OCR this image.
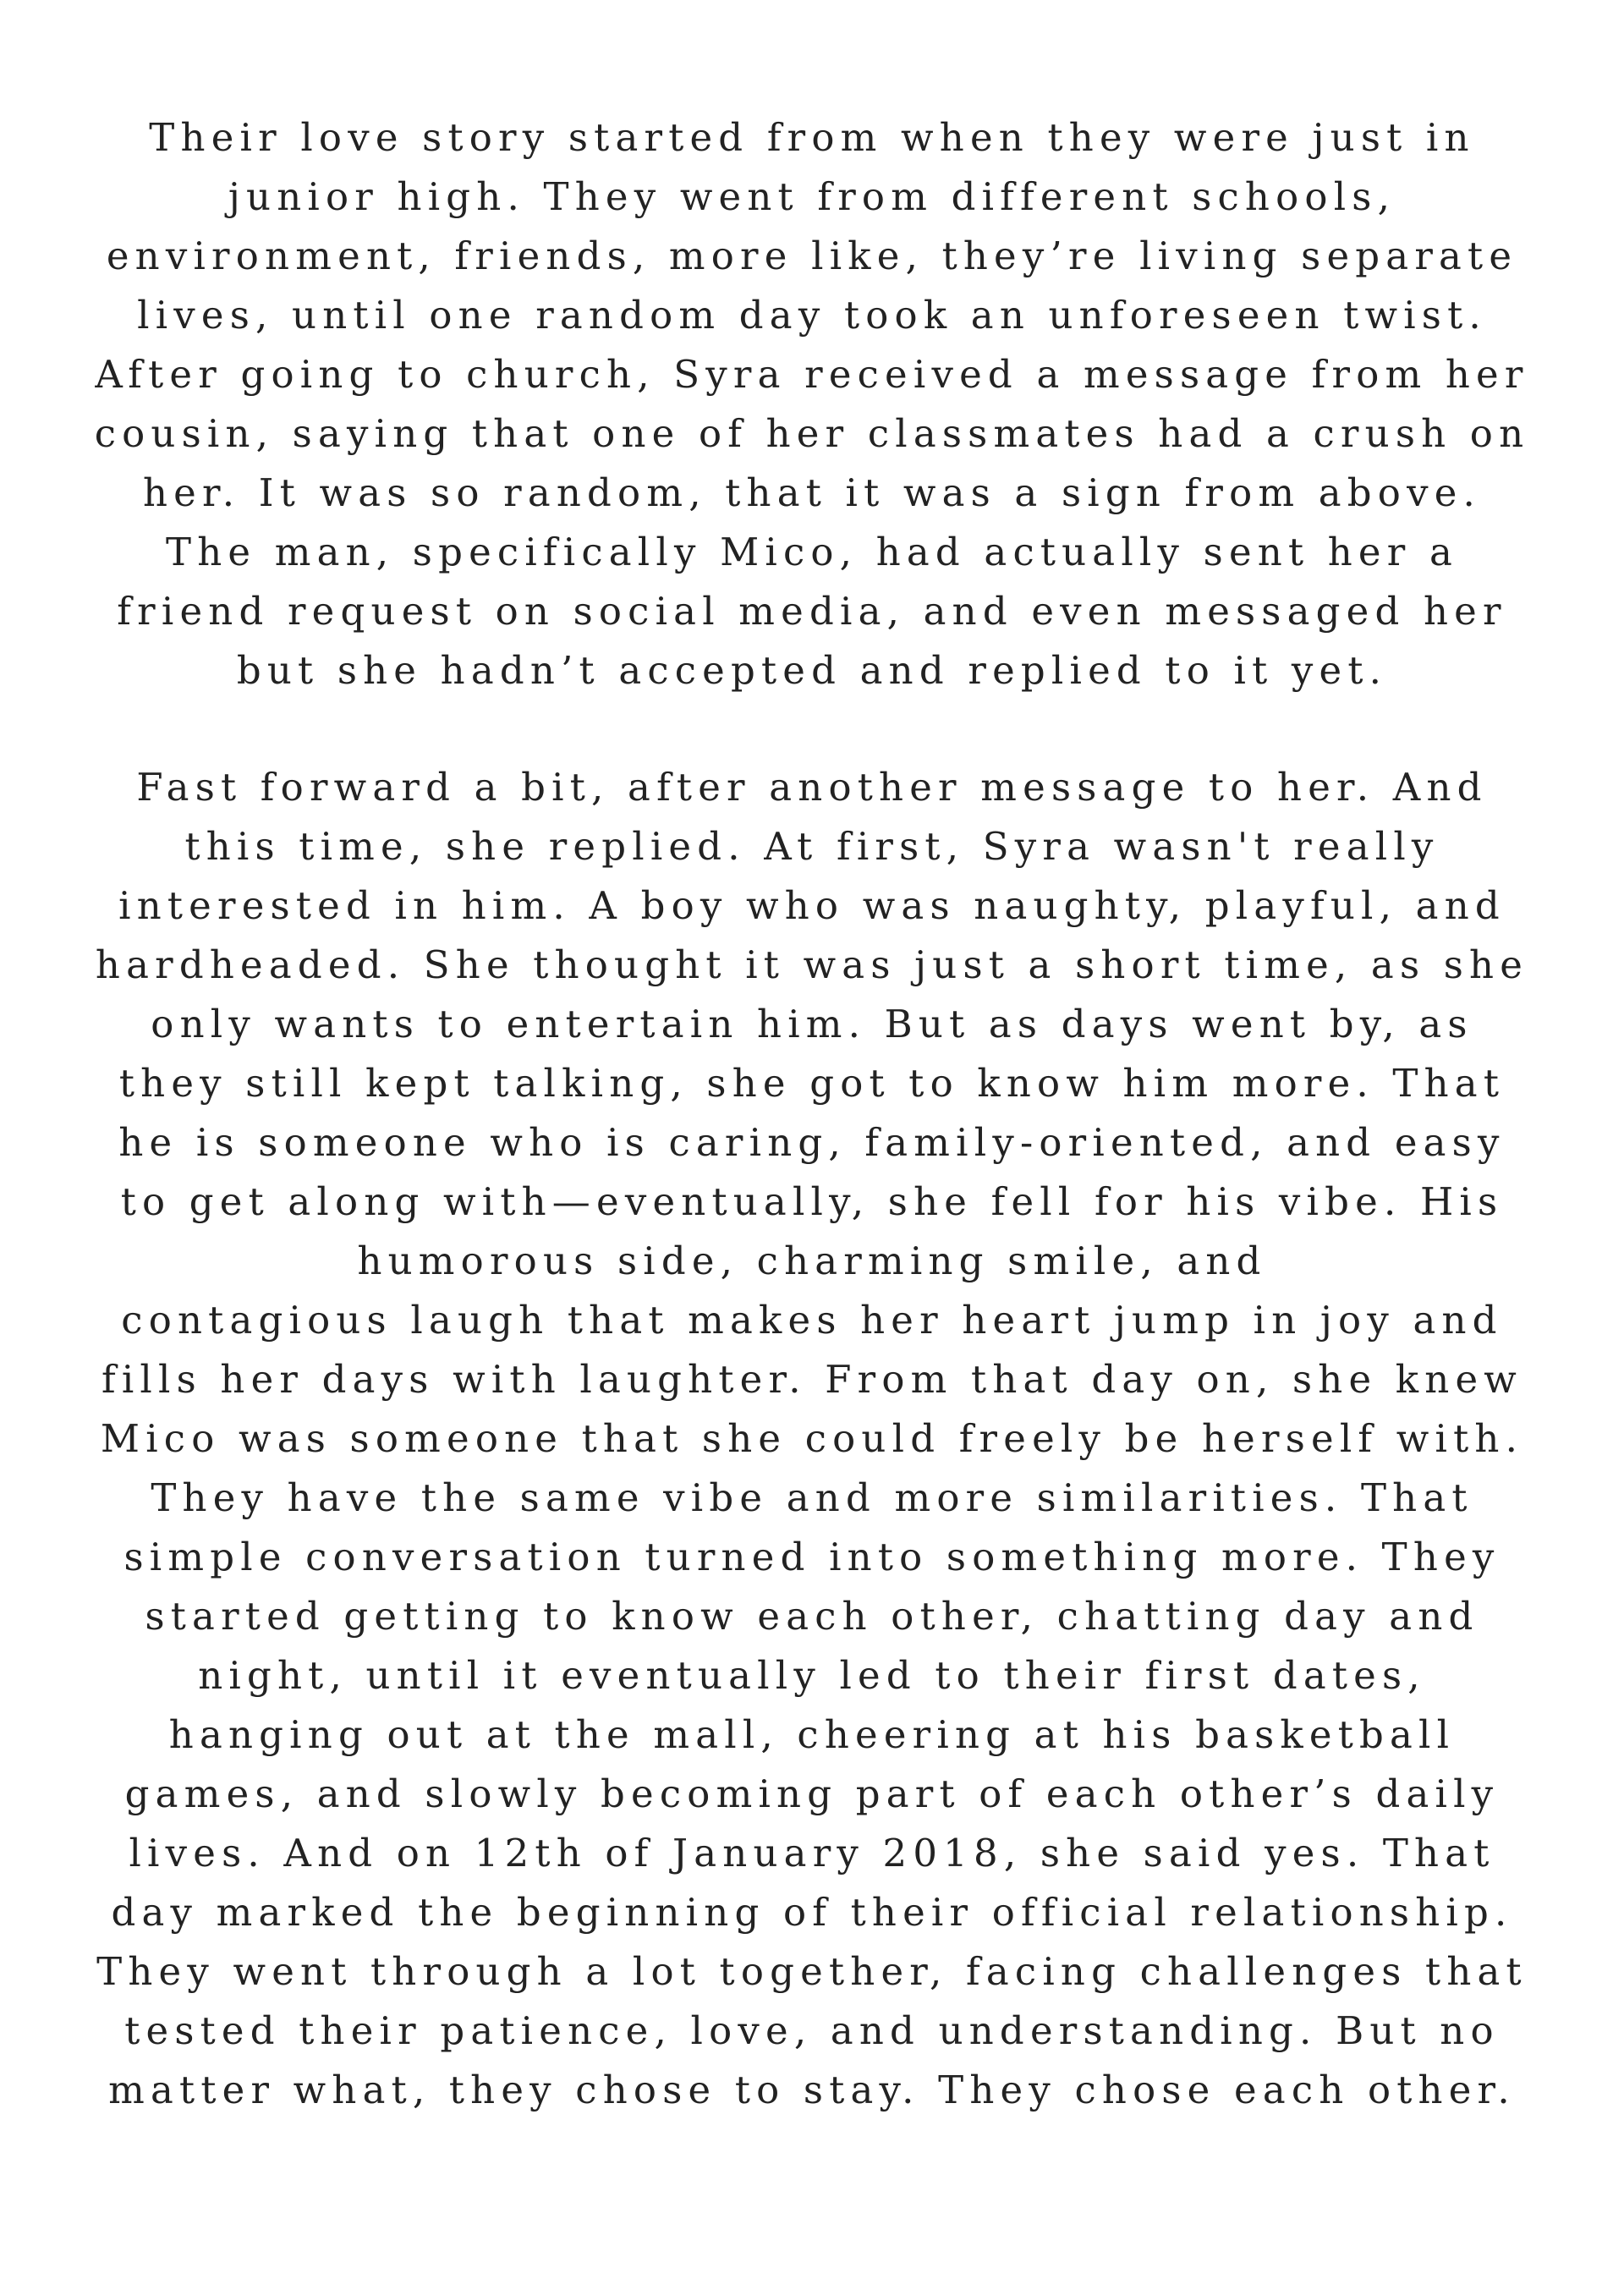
Their love story started from when they were just in
junior high. They went from different schools,
environment, friends, more like, they’re living separate
lives, until one random day took an unforeseen twist.
After going to church, Syra received a message from her
cousin, saying that one of her classmates had a crush on
her. It was so random, that it was a sign from above.
The man, specifically Mico, had actually sent her a
friend request on social media, and even messaged her
but she hadn’t accepted and replied to it yet.
Fast forward a bit, after another message to her. And
this time, she replied. At first, Syra wasn't really
interested in him. A boy who was naughty, playful, and
hardheaded. She thought it was just a short time, as she
only wants to entertain him. But as days went by, as
they still kept talking, she got to know him more. That
he is someone who is caring, family-oriented, and easy
to get along with—eventually, she fell for his vibe. His
humorous side, charming smile, and
contagious laugh that makes her heart jump in joy and
fills her days with laughter. From that day on, she knew
Mico was someone that she could freely be herself with.
They have the same vibe and more similarities. That
simple conversation turned into something more. They
started getting to know each other, chatting day and
night, until it eventually led to their first dates,
hanging out at the mall, cheering at his basketball
games, and slowly becoming part of each other’s daily
lives. And on 12th of January 2018, she said yes. That
day marked the beginning of their official relationship.
They went through a lot together, facing challenges that
tested their patience, love, and understanding. But no
matter what, they chose to stay. They chose each other.
